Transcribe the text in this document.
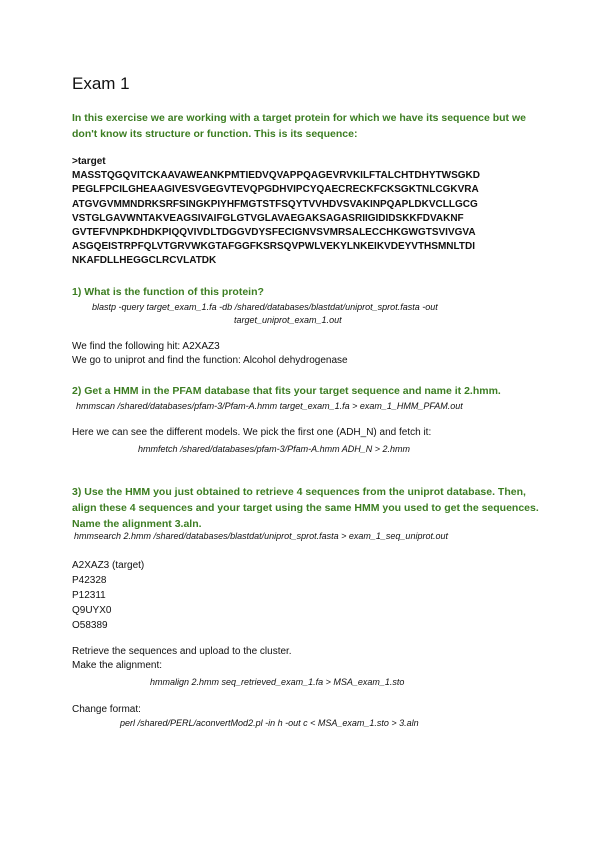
Exam 1
In this exercise we are working with a target protein for which we have its sequence but we don't know its structure or function. This is its sequence:
>target
MASSTQGQVITCKAAVAWEANKPMTIEDVQVAPPQAGEVRVKILFTALCHTDHYTWSGKD
PEGLFPCILGHEAAGIVESVGEGVTEVQPGDHVIPCYQAECRECKFCKSGKTNLCGKVRA
ATGVGVMMNDRKSRFSINGKPIYHFMGTSTFSQYTVVHDVSVAKINPQAPLDKVCLLGCG
VSTGLGAVWNTAKVEAGSIVAIFGLGTVGLAVAEGAKSAGASRIIGIDIDSKKFDVAKNF
GVTEFVNPKDHDKPIQQVIVDLTDGGVDYSFECIGNVSVMRSALECCHKGWGTSVIVGVA
ASGQEISTRPFQLVTGRVWKGTAFGGFKSRSQVPWLVEKYLNKEIKVDEYVTHSMNLTDI
NKAFDLLHEGGCLRCVLATDK
1) What is the function of this protein?
blastp -query target_exam_1.fa -db /shared/databases/blastdat/uniprot_sprot.fasta -out
target_uniprot_exam_1.out
We find the following hit: A2XAZ3
We go to uniprot and find the function: Alcohol dehydrogenase
2) Get a HMM in the PFAM database that fits your target sequence and name it 2.hmm.
hmmscan /shared/databases/pfam-3/Pfam-A.hmm target_exam_1.fa > exam_1_HMM_PFAM.out
Here we can see the different models. We pick the first one (ADH_N) and fetch it:
hmmfetch /shared/databases/pfam-3/Pfam-A.hmm ADH_N > 2.hmm
3) Use the HMM you just obtained to retrieve 4 sequences from the uniprot database. Then, align these 4 sequences and your target using the same HMM you used to get the sequences. Name the alignment 3.aln.
hmmsearch 2.hmm /shared/databases/blastdat/uniprot_sprot.fasta > exam_1_seq_uniprot.out
A2XAZ3 (target)
P42328
P12311
Q9UYX0
O58389
Retrieve the sequences and upload to the cluster.
Make the alignment:
hmmalign 2.hmm seq_retrieved_exam_1.fa > MSA_exam_1.sto
Change format:
perl /shared/PERL/aconvertMod2.pl -in h -out c < MSA_exam_1.sto > 3.aln
